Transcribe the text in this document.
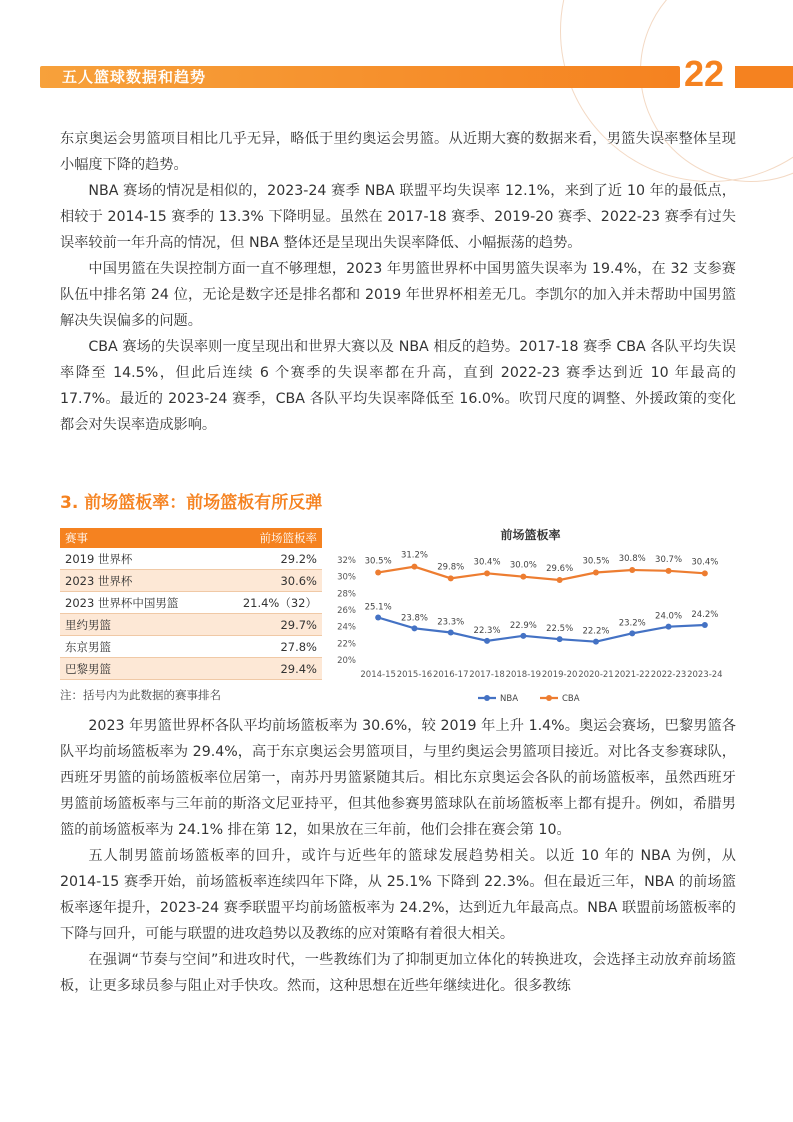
五人篮球数据和趋势	22

东京奥运会男篮项目相比几乎无异，略低于里约奥运会男篮。从近期大赛的数据来看，男篮失误率整体呈现小幅度下降的趋势。

NBA 赛场的情况是相似的，2023-24 赛季 NBA 联盟平均失误率 12.1%，来到了近 10 年的最低点，相较于 2014-15 赛季的 13.3% 下降明显。虽然在 2017-18 赛季、2019-20 赛季、2022-23 赛季有过失误率较前一年升高的情况，但 NBA 整体还是呈现出失误率降低、小幅振荡的趋势。

中国男篮在失误控制方面一直不够理想，2023 年男篮世界杯中国男篮失误率为 19.4%，在 32 支参赛队伍中排名第 24 位，无论是数字还是排名都和 2019 年世界杯相差无几。李凯尔的加入并未帮助中国男篮解决失误偏多的问题。

CBA 赛场的失误率则一度呈现出和世界大赛以及 NBA 相反的趋势。2017-18 赛季 CBA 各队平均失误率降至 14.5%，但此后连续 6 个赛季的失误率都在升高，直到 2022-23 赛季达到近 10 年最高的 17.7%。最近的 2023-24 赛季，CBA 各队平均失误率降低至 16.0%。吹罚尺度的调整、外援政策的变化都会对失误率造成影响。

3. 前场篮板率：前场篮板有所反弹
赛事	前场篮板率
2019 世界杯	29.2%
2023 世界杯	30.6%
2023 世界杯中国男篮	21.4%（32）
里约男篮	29.7%
东京男篮	27.8%
巴黎男篮	29.4%
注：括号内为此数据的赛事排名
前场篮板率
20%
22%
24%
26%
28%
30%
32%
2014-15 2015-16 2016-17 2017-18 2018-19 2019-20 2020-21 2021-22 2022-23 2023-24
25.1%
23.8% 23.3%
22.3% 22.9% 22.5% 22.2%
23.2%
24.0% 24.2%
30.5%
31.2%
29.8% 30.4% 30.0% 29.6%
30.5% 30.8% 30.7% 30.4%
NBA	CBA

2023 年男篮世界杯各队平均前场篮板率为 30.6%，较 2019 年上升 1.4%。奥运会赛场，巴黎男篮各队平均前场篮板率为 29.4%，高于东京奥运会男篮项目，与里约奥运会男篮项目接近。对比各支参赛球队，西班牙男篮的前场篮板率位居第一，南苏丹男篮紧随其后。相比东京奥运会各队的前场篮板率，虽然西班牙男篮前场篮板率与三年前的斯洛文尼亚持平，但其他参赛男篮球队在前场篮板率上都有提升。例如，希腊男篮的前场篮板率为 24.1% 排在第 12，如果放在三年前，他们会排在赛会第 10。

五人制男篮前场篮板率的回升，或许与近些年的篮球发展趋势相关。以近 10 年的 NBA 为例，从 2014-15 赛季开始，前场篮板率连续四年下降，从 25.1% 下降到 22.3%。但在最近三年，NBA 的前场篮板率逐年提升，2023-24 赛季联盟平均前场篮板率为 24.2%，达到近九年最高点。NBA 联盟前场篮板率的下降与回升，可能与联盟的进攻趋势以及教练的应对策略有着很大相关。

在强调“节奏与空间”和进攻时代，一些教练们为了抑制更加立体化的转换进攻，会选择主动放弃前场篮板，让更多球员参与阻止对手快攻。然而，这种思想在近些年继续进化。很多教练
